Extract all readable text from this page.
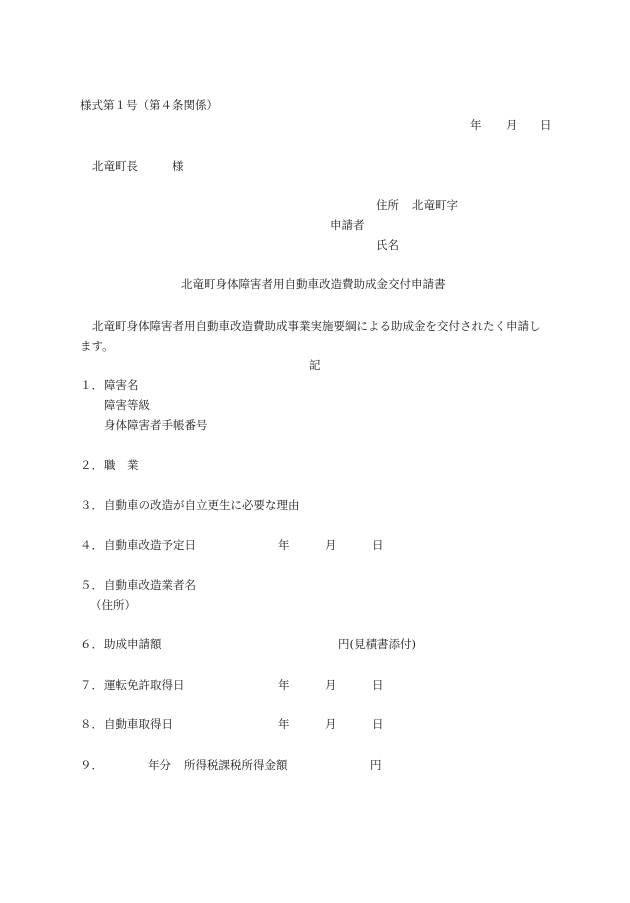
様式第１号（第４条関係）
年 月 日
北竜町長	様
住所 北竜町字
申請者
氏名
北竜町身体障害者用自動車改造費助成金交付申請書
北竜町身体障害者用自動車改造費助成事業実施要綱による助成金を交付されたく申請し
ます。
記
１． 障害名
障害等級
身体障害者手帳番号
２． 職　業
３． 自動車の改造が自立更生に必要な理由
４． 自動車改造予定日	年	月	日
５． 自動車改造業者名
（住所）
６． 助成申請額	円(見積書添付)
７． 運転免許取得日	年	月	日
８． 自動車取得日	年	月	日
９．	年分 所得税課税所得金額	円
